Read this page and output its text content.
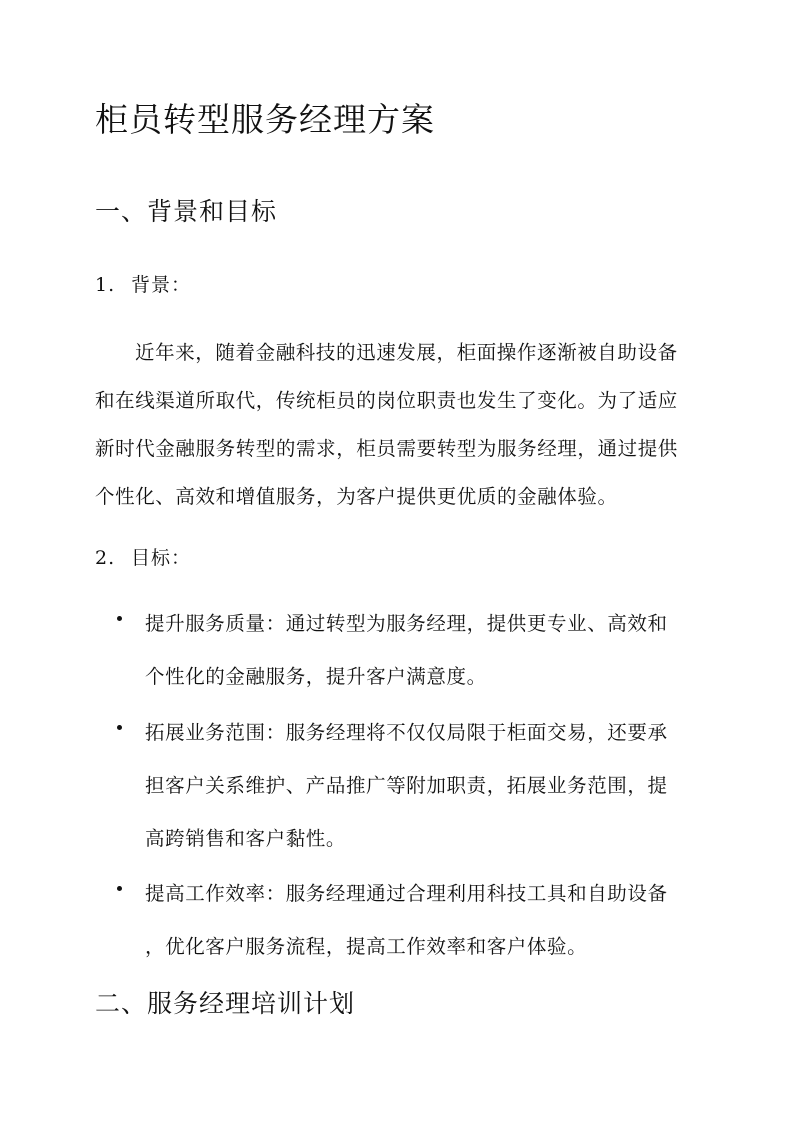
柜员转型服务经理方案
一、背景和目标
1. 背景：
近年来，随着金融科技的迅速发展，柜面操作逐渐被自助设备
和在线渠道所取代，传统柜员的岗位职责也发生了变化。为了适应
新时代金融服务转型的需求，柜员需要转型为服务经理，通过提供
个性化、高效和增值服务，为客户提供更优质的金融体验。
2. 目标：
提升服务质量：通过转型为服务经理，提供更专业、高效和
个性化的金融服务，提升客户满意度。
拓展业务范围：服务经理将不仅仅局限于柜面交易，还要承
担客户关系维护、产品推广等附加职责，拓展业务范围，提
高跨销售和客户黏性。
提高工作效率：服务经理通过合理利用科技工具和自助设备
，优化客户服务流程，提高工作效率和客户体验。
二、服务经理培训计划
